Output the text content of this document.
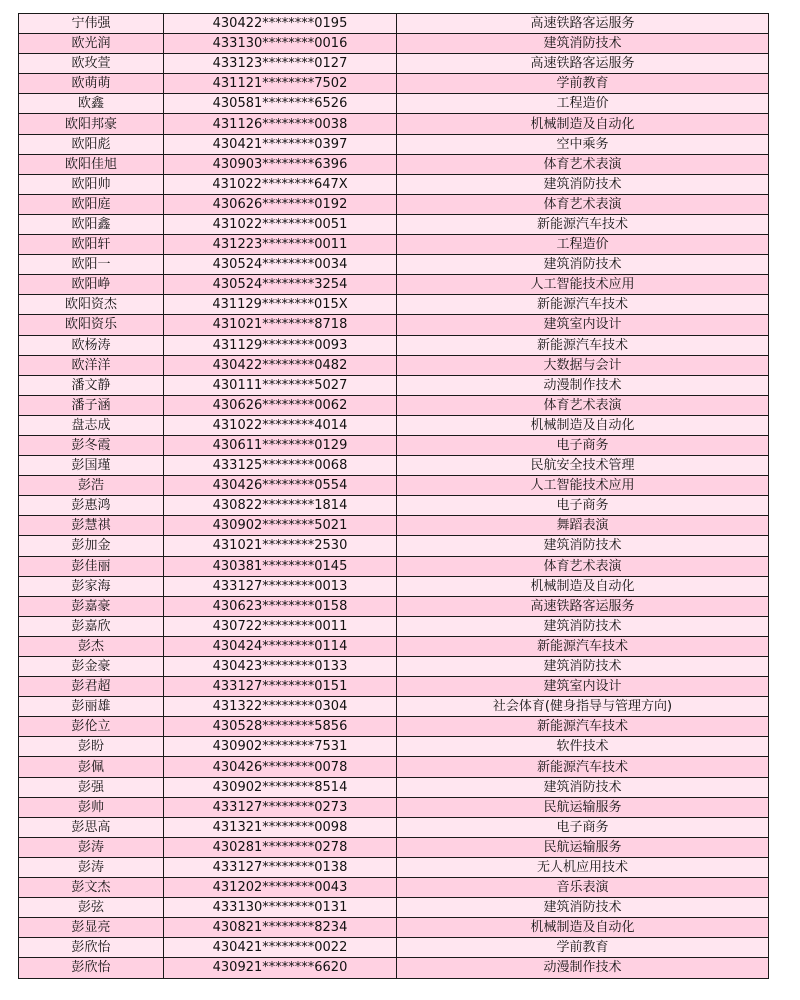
宁伟强	430422********0195	高速铁路客运服务
欧光润	433130********0016	建筑消防技术
欧玫萱	433123********0127	高速铁路客运服务
欧萌萌	431121********7502	学前教育
欧鑫	430581********6526	工程造价
欧阳邦豪	431126********0038	机械制造及自动化
欧阳彪	430421********0397	空中乘务
欧阳佳旭	430903********6396	体育艺术表演
欧阳帅	431022********647X	建筑消防技术
欧阳庭	430626********0192	体育艺术表演
欧阳鑫	431022********0051	新能源汽车技术
欧阳轩	431223********0011	工程造价
欧阳一	430524********0034	建筑消防技术
欧阳峥	430524********3254	人工智能技术应用
欧阳资杰	431129********015X	新能源汽车技术
欧阳资乐	431021********8718	建筑室内设计
欧杨涛	431129********0093	新能源汽车技术
欧洋洋	430422********0482	大数据与会计
潘文静	430111********5027	动漫制作技术
潘子涵	430626********0062	体育艺术表演
盘志成	431022********4014	机械制造及自动化
彭冬霞	430611********0129	电子商务
彭国瑾	433125********0068	民航安全技术管理
彭浩	430426********0554	人工智能技术应用
彭惠鸿	430822********1814	电子商务
彭慧祺	430902********5021	舞蹈表演
彭加金	431021********2530	建筑消防技术
彭佳丽	430381********0145	体育艺术表演
彭家海	433127********0013	机械制造及自动化
彭嘉豪	430623********0158	高速铁路客运服务
彭嘉欣	430722********0011	建筑消防技术
彭杰	430424********0114	新能源汽车技术
彭金豪	430423********0133	建筑消防技术
彭君超	433127********0151	建筑室内设计
彭丽雄	431322********0304	社会体育(健身指导与管理方向)
彭伦立	430528********5856	新能源汽车技术
彭盼	430902********7531	软件技术
彭佩	430426********0078	新能源汽车技术
彭强	430902********8514	建筑消防技术
彭帅	433127********0273	民航运输服务
彭思高	431321********0098	电子商务
彭涛	430281********0278	民航运输服务
彭涛	433127********0138	无人机应用技术
彭文杰	431202********0043	音乐表演
彭弦	433130********0131	建筑消防技术
彭显亮	430821********8234	机械制造及自动化
彭欣怡	430421********0022	学前教育
彭欣怡	430921********6620	动漫制作技术
